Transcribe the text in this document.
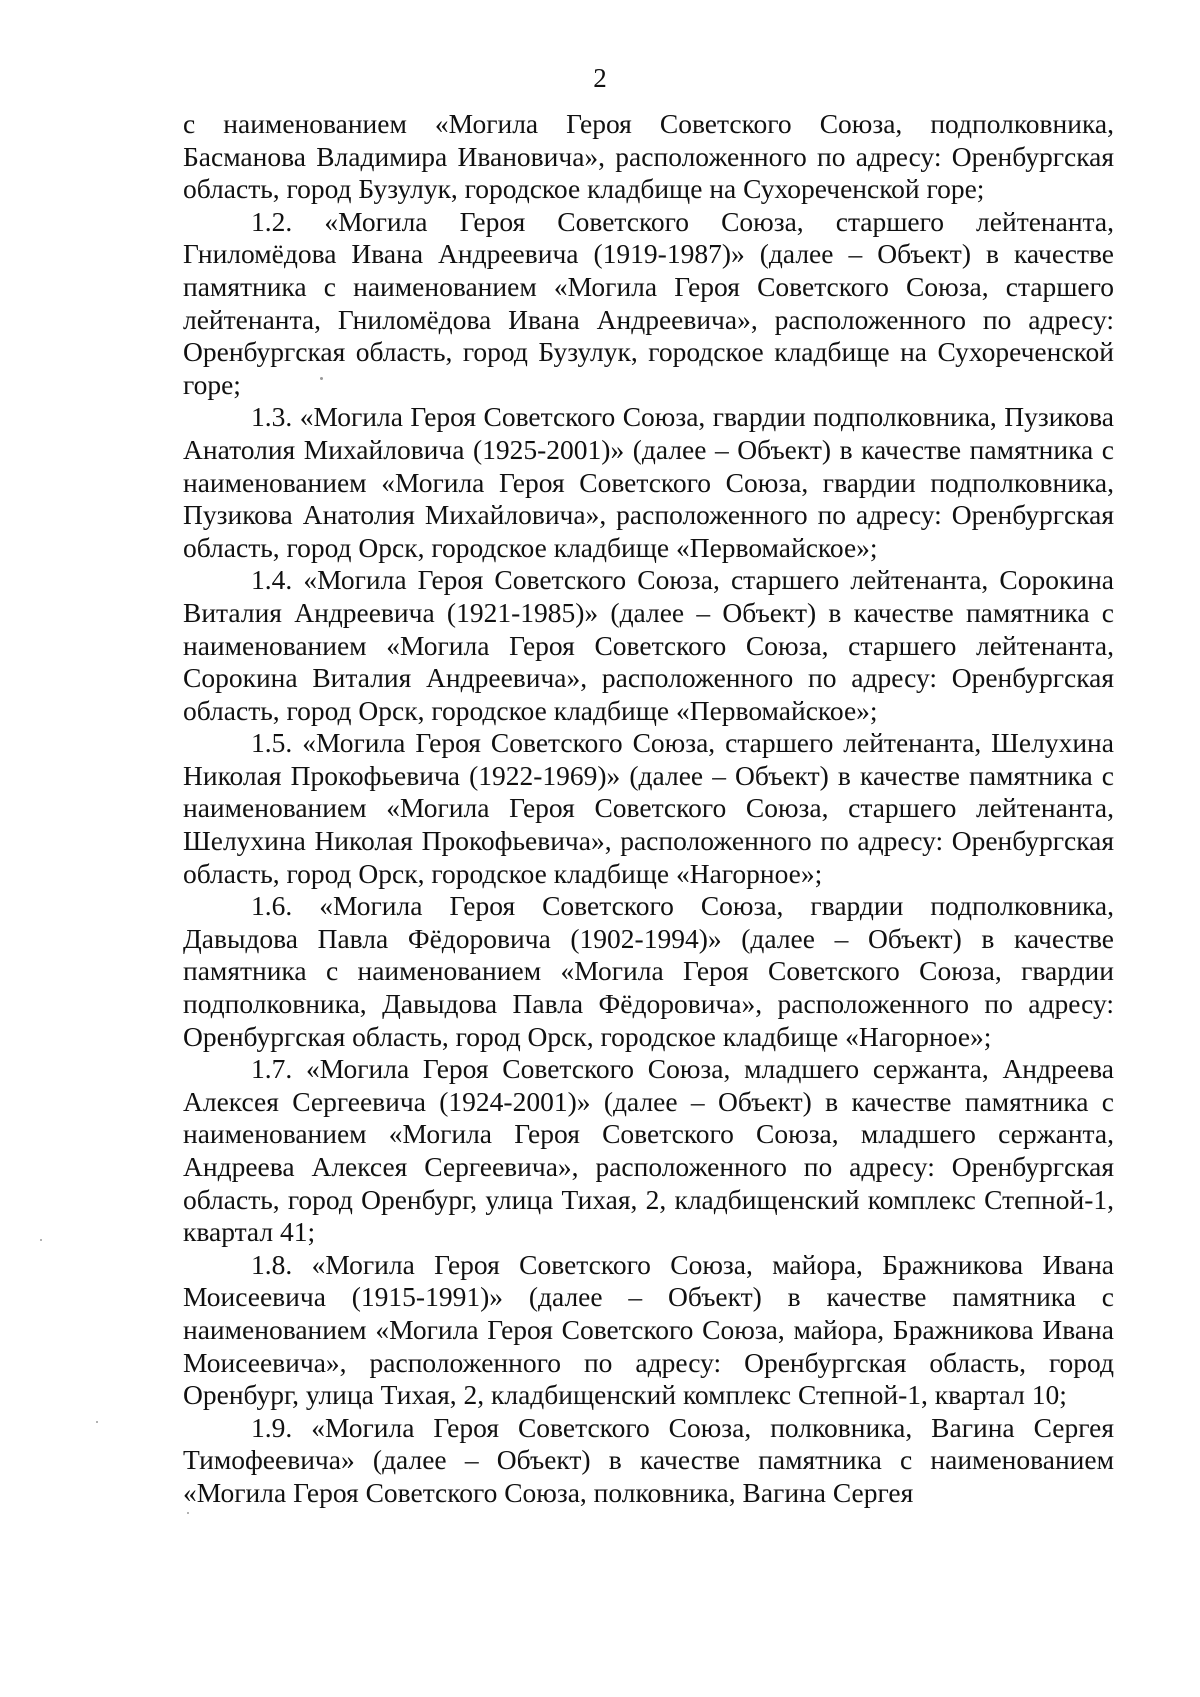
2

с наименованием «Могила Героя Советского Союза, подполковника, Басманова Владимира Ивановича», расположенного по адресу: Оренбургская область, город Бузулук, городское кладбище на Сухореченской горе;

1.2. «Могила Героя Советского Союза, старшего лейтенанта, Гниломёдова Ивана Андреевича (1919-1987)» (далее – Объект) в качестве памятника с наименованием «Могила Героя Советского Союза, старшего лейтенанта, Гниломёдова Ивана Андреевича», расположенного по адресу: Оренбургская область, город Бузулук, городское кладбище на Сухореченской горе;

1.3. «Могила Героя Советского Союза, гвардии подполковника, Пузикова Анатолия Михайловича (1925-2001)» (далее – Объект) в качестве памятника с наименованием «Могила Героя Советского Союза, гвардии подполковника, Пузикова Анатолия Михайловича», расположенного по адресу: Оренбургская область, город Орск, городское кладбище «Первомайское»;

1.4. «Могила Героя Советского Союза, старшего лейтенанта, Сорокина Виталия Андреевича (1921-1985)» (далее – Объект) в качестве памятника с наименованием «Могила Героя Советского Союза, старшего лейтенанта, Сорокина Виталия Андреевича», расположенного по адресу: Оренбургская область, город Орск, городское кладбище «Первомайское»;

1.5. «Могила Героя Советского Союза, старшего лейтенанта, Шелухина Николая Прокофьевича (1922-1969)» (далее – Объект) в качестве памятника с наименованием «Могила Героя Советского Союза, старшего лейтенанта, Шелухина Николая Прокофьевича», расположенного по адресу: Оренбургская область, город Орск, городское кладбище «Нагорное»;

1.6. «Могила Героя Советского Союза, гвардии подполковника, Давыдова Павла Фёдоровича (1902-1994)» (далее – Объект) в качестве памятника с наименованием «Могила Героя Советского Союза, гвардии подполковника, Давыдова Павла Фёдоровича», расположенного по адресу: Оренбургская область, город Орск, городское кладбище «Нагорное»;

1.7. «Могила Героя Советского Союза, младшего сержанта, Андреева Алексея Сергеевича (1924-2001)» (далее – Объект) в качестве памятника с наименованием «Могила Героя Советского Союза, младшего сержанта, Андреева Алексея Сергеевича», расположенного по адресу: Оренбургская область, город Оренбург, улица Тихая, 2, кладбищенский комплекс Степной-1, квартал 41;

1.8. «Могила Героя Советского Союза, майора, Бражникова Ивана Моисеевича (1915-1991)» (далее – Объект) в качестве памятника с наименованием «Могила Героя Советского Союза, майора, Бражникова Ивана Моисеевича», расположенного по адресу: Оренбургская область, город Оренбург, улица Тихая, 2, кладбищенский комплекс Степной-1, квартал 10;

1.9. «Могила Героя Советского Союза, полковника, Вагина Сергея Тимофеевича» (далее – Объект) в качестве памятника с наименованием «Могила Героя Советского Союза, полковника, Вагина Сергея
